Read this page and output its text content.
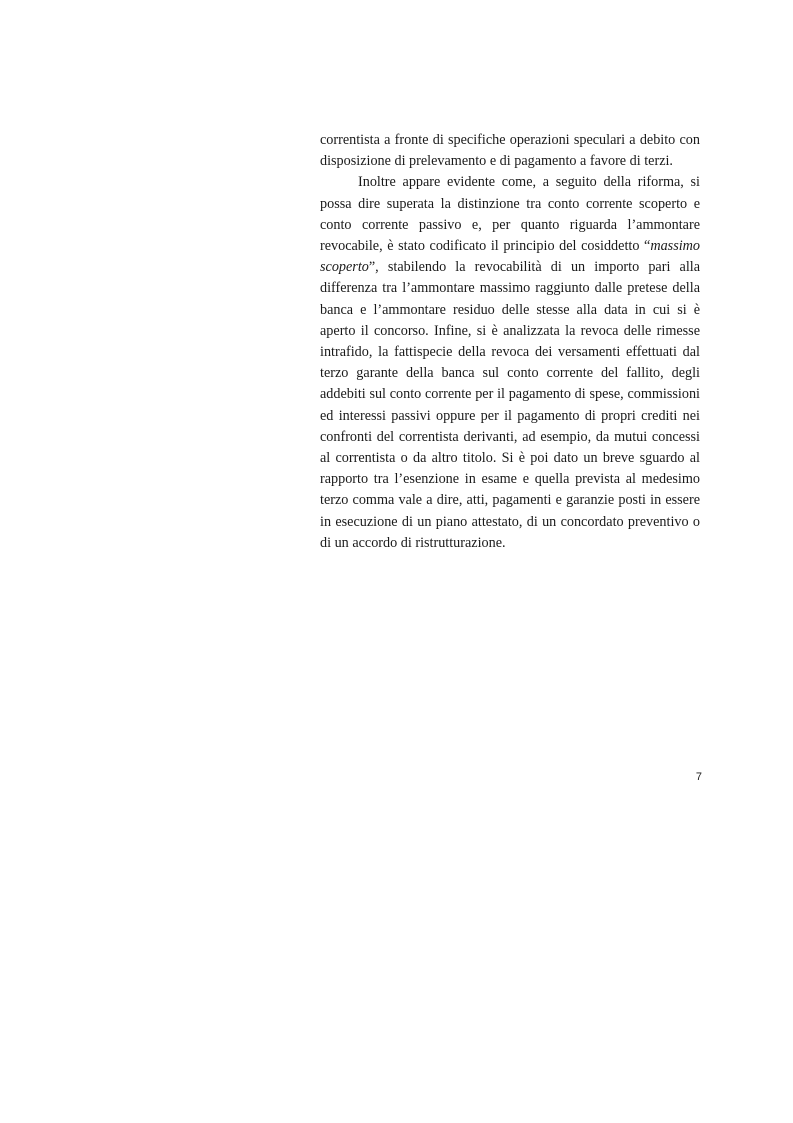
correntista a fronte di specifiche operazioni speculari a debito con disposizione di prelevamento e di pagamento a favore di terzi.

Inoltre appare evidente come, a seguito della riforma, si possa dire superata la distinzione tra conto corrente scoperto e conto corrente passivo e, per quanto riguarda l’ammontare revocabile, è stato codificato il principio del cosiddetto “massimo scoperto”, stabilendo la revocabilità di un importo pari alla differenza tra l’ammontare massimo raggiunto dalle pretese della banca e l’ammontare residuo delle stesse alla data in cui si è aperto il concorso. Infine, si è analizzata la revoca delle rimesse intrafido, la fattispecie della revoca dei versamenti effettuati dal terzo garante della banca sul conto corrente del fallito, degli addebiti sul conto corrente per il pagamento di spese, commissioni ed interessi passivi oppure per il pagamento di propri crediti nei confronti del correntista derivanti, ad esempio, da mutui concessi al correntista o da altro titolo. Si è poi dato un breve sguardo al rapporto tra l’esenzione in esame e quella prevista al medesimo terzo comma vale a dire, atti, pagamenti e garanzie posti in essere in esecuzione di un piano attestato, di un concordato preventivo o di un accordo di ristrutturazione.

7
